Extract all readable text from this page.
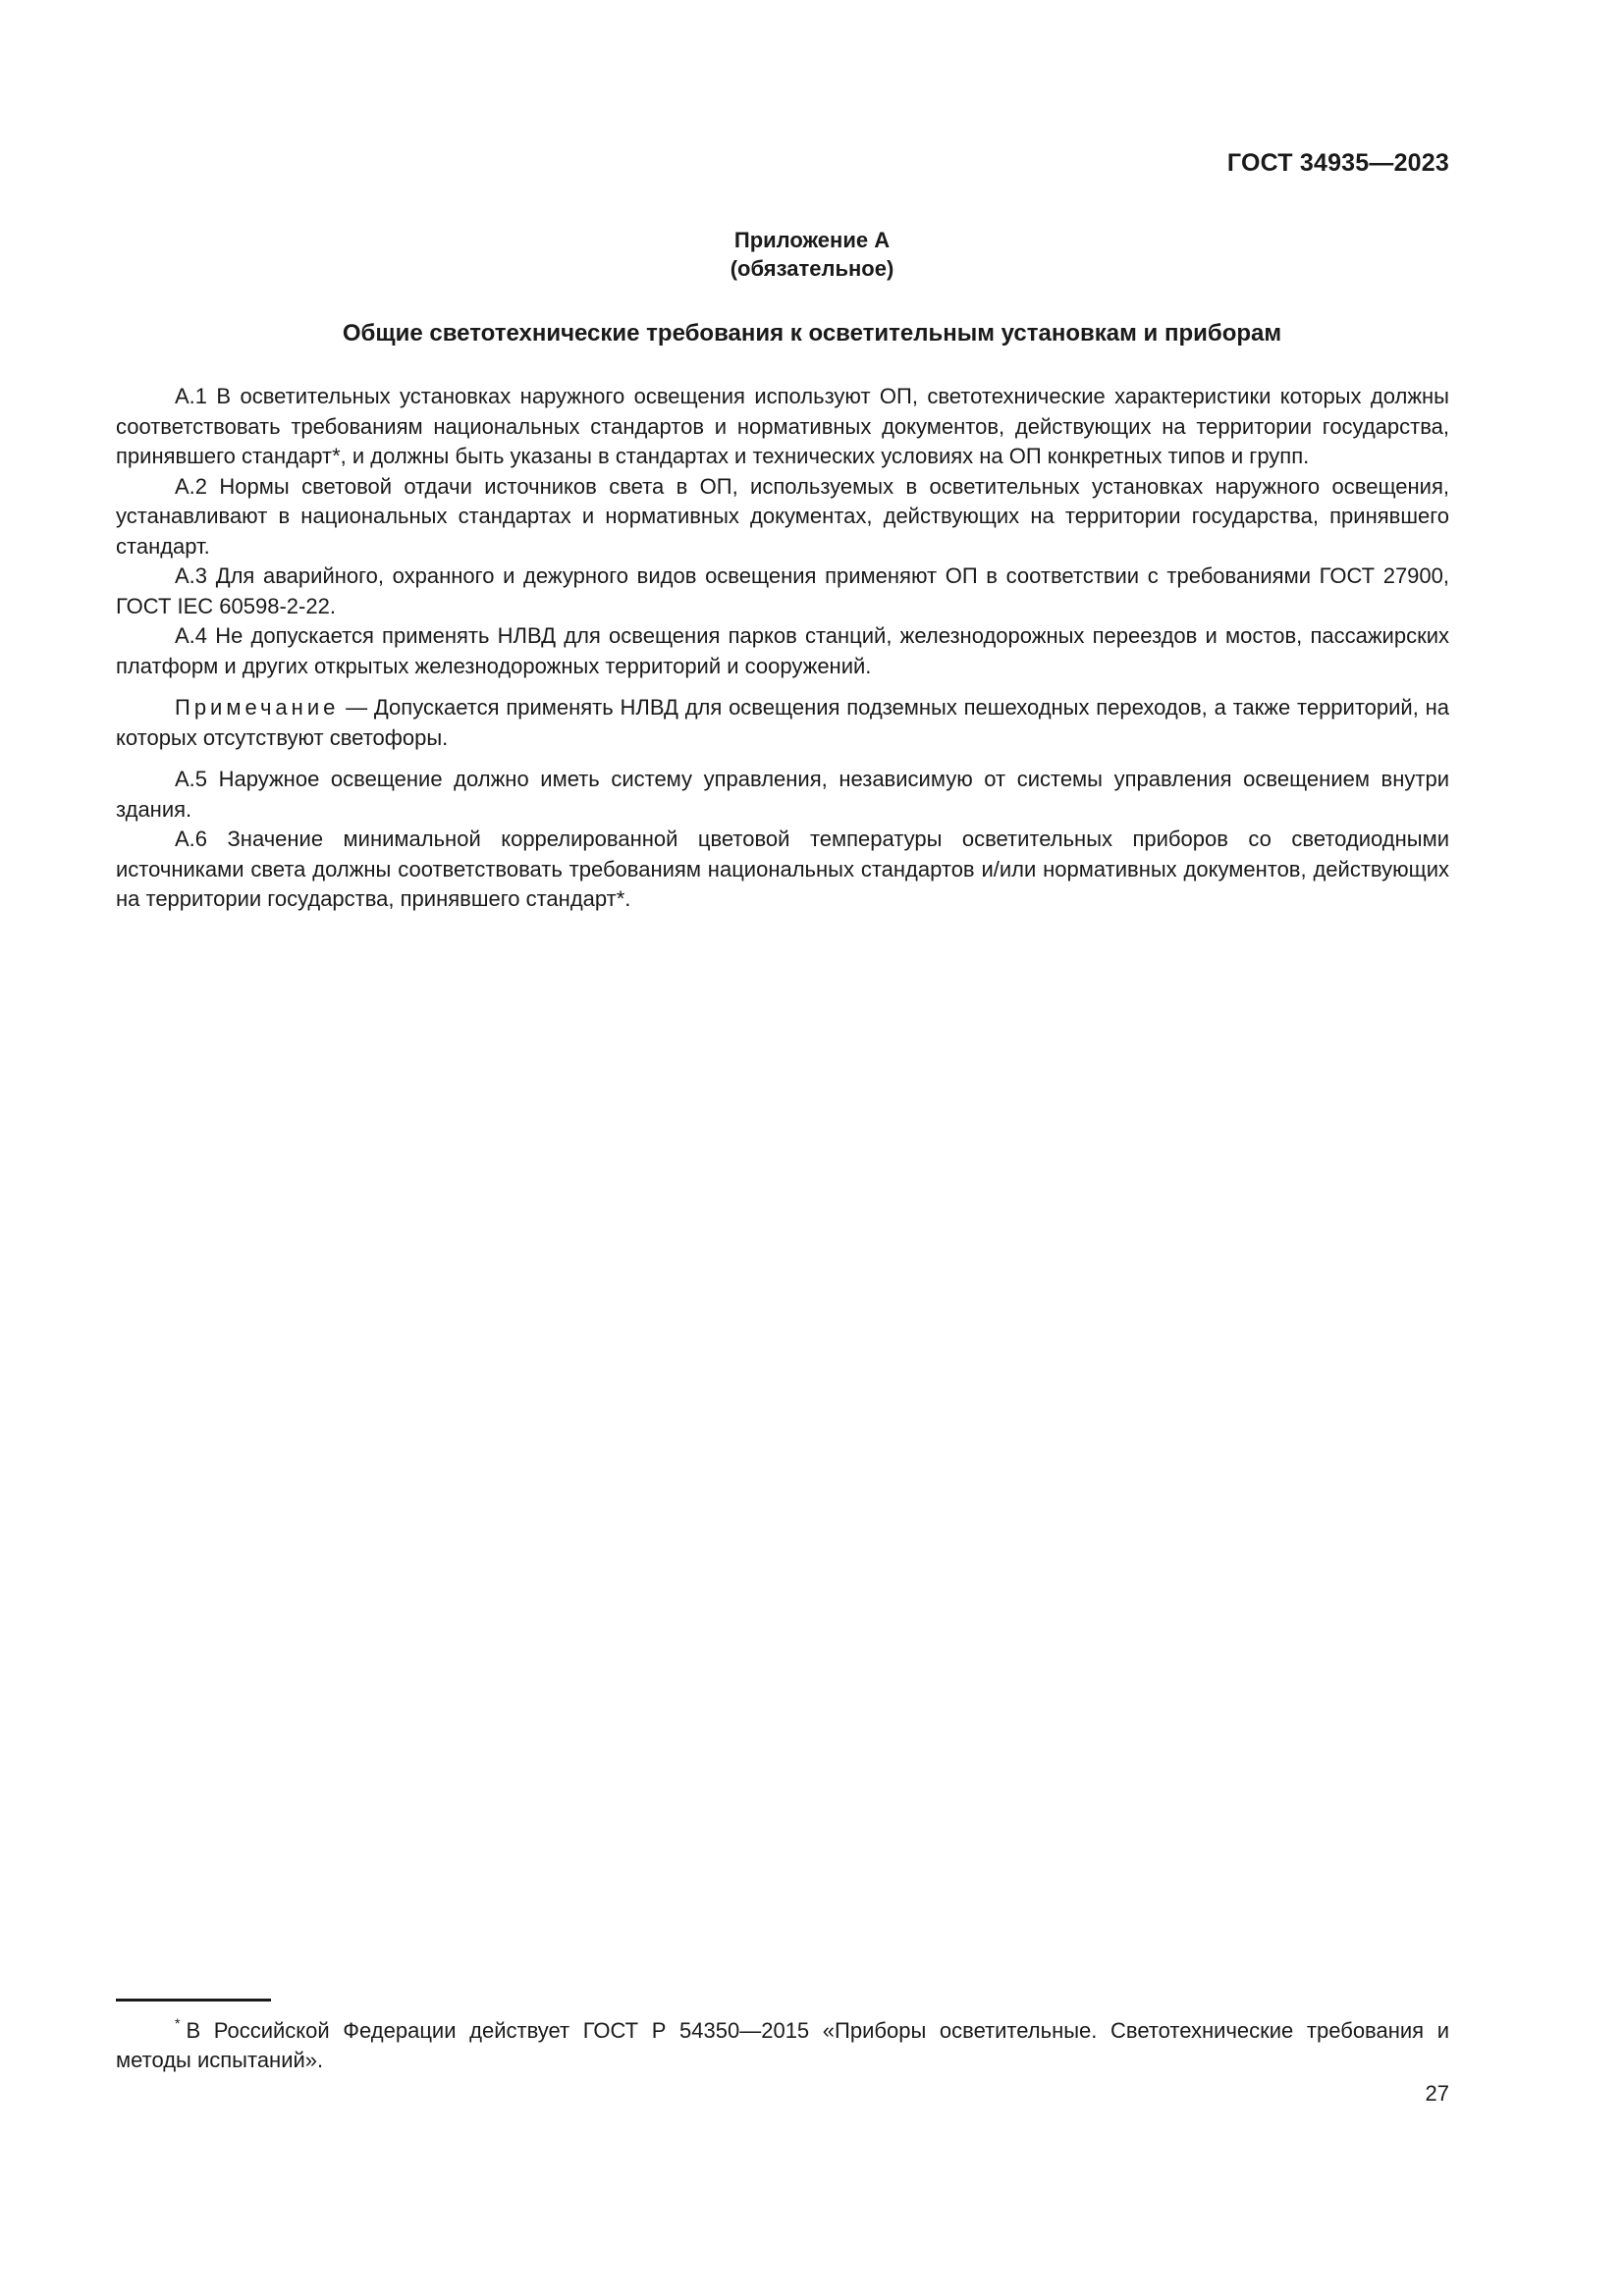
ГОСТ 34935—2023
Приложение А
(обязательное)
Общие светотехнические требования к осветительным установкам и приборам

А.1 В осветительных установках наружного освещения используют ОП, светотехнические характеристики которых должны соответствовать требованиям национальных стандартов и нормативных документов, действующих на территории государства, принявшего стандарт*, и должны быть указаны в стандартах и технических условиях на ОП конкретных типов и групп.

А.2 Нормы световой отдачи источников света в ОП, используемых в осветительных установках наружного освещения, устанавливают в национальных стандартах и нормативных документах, действующих на территории государства, принявшего стандарт.

А.3 Для аварийного, охранного и дежурного видов освещения применяют ОП в соответствии с требованиями ГОСТ 27900, ГОСТ IEC 60598-2-22.

А.4 Не допускается применять НЛВД для освещения парков станций, железнодорожных переездов и мостов, пассажирских платформ и других открытых железнодорожных территорий и сооружений.

Примечание — Допускается применять НЛВД для освещения подземных пешеходных переходов, а также территорий, на которых отсутствуют светофоры.

А.5 Наружное освещение должно иметь систему управления, независимую от системы управления освещением внутри здания.

А.6 Значение минимальной коррелированной цветовой температуры осветительных приборов со светодиодными источниками света должны соответствовать требованиям национальных стандартов и/или нормативных документов, действующих на территории государства, принявшего стандарт*.

* В Российской Федерации действует ГОСТ Р 54350—2015 «Приборы осветительные. Светотехнические требования и методы испытаний».

27
